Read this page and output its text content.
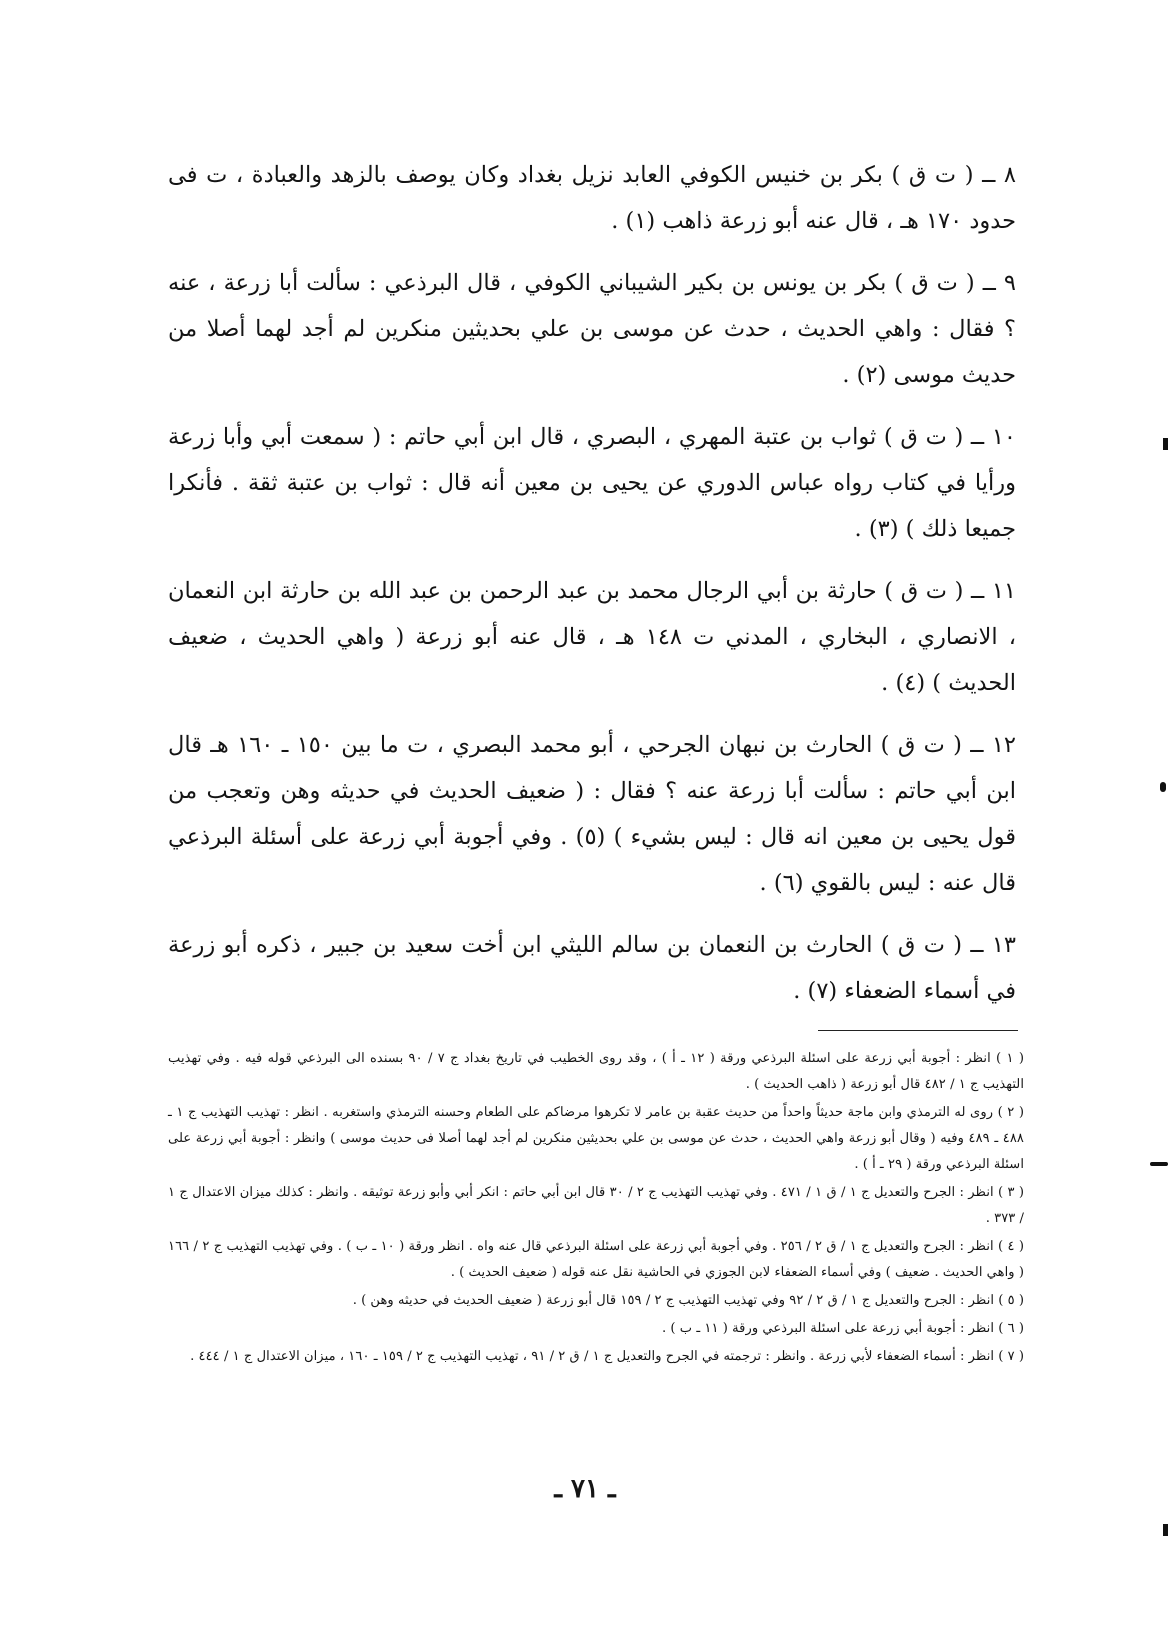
٨ ــ ( ت ق ) بكر بن خنيس الكوفي العابد نزيل بغداد وكان يوصف بالزهد والعبادة ، ت فى حدود ١٧٠ هـ ، قال عنه أبو زرعة ذاهب (١) .

٩ ــ ( ت ق ) بكر بن يونس بن بكير الشيباني الكوفي ، قال البرذعي : سألت أبا زرعة ، عنه ؟ فقال : واهي الحديث ، حدث عن موسى بن علي بحديثين منكرين لم أجد لهما أصلا من حديث موسى (٢) .

١٠ ــ ( ت ق ) ثواب بن عتبة المهري ، البصري ، قال ابن أبي حاتم : ( سمعت أبي وأبا زرعة ورأيا في كتاب رواه عباس الدوري عن يحيى بن معين أنه قال : ثواب بن عتبة ثقة . فأنكرا جميعا ذلك ) (٣) .

١١ ــ ( ت ق ) حارثة بن أبي الرجال محمد بن عبد الرحمن بن عبد الله بن حارثة ابن النعمان ، الانصاري ، البخاري ، المدني ت ١٤٨ هـ ، قال عنه أبو زرعة ( واهي الحديث ، ضعيف الحديث ) (٤) .

١٢ ــ ( ت ق ) الحارث بن نبهان الجرحي ، أبو محمد البصري ، ت ما بين ١٥٠ ـ ١٦٠ هـ قال ابن أبي حاتم : سألت أبا زرعة عنه ؟ فقال : ( ضعيف الحديث في حديثه وهن وتعجب من قول يحيى بن معين انه قال : ليس بشيء ) (٥) . وفي أجوبة أبي زرعة على أسئلة البرذعي قال عنه : ليس بالقوي (٦) .

١٣ ــ ( ت ق ) الحارث بن النعمان بن سالم الليثي ابن أخت سعيد بن جبير ، ذكره أبو زرعة في أسماء الضعفاء (٧) .

( ١ ) انظر : أجوبة أبي زرعة على اسئلة البرذعي ورقة ( ١٢ ـ أ ) ، وقد روى الخطيب في تاريخ بغداد ج ٧ / ٩٠ بسنده الى البرذعي قوله فيه . وفي تهذيب التهذيب ج ١ / ٤٨٢ قال أبو زرعة ( ذاهب الحديث ) .

( ٢ ) روى له الترمذي وابن ماجة حديثاً واحداً من حديث عقبة بن عامر لا تكرهوا مرضاكم على الطعام وحسنه الترمذي واستغربه . انظر : تهذيب التهذيب ج ١ ـ ٤٨٨ ـ ٤٨٩ وفيه ( وقال أبو زرعة واهي الحديث ، حدث عن موسى بن علي بحديثين منكرين لم أجد لهما أصلا فى حديث موسى ) وانظر : أجوبة أبي زرعة على اسئلة البرذعي ورقة ( ٢٩ ـ أ ) .

( ٣ ) انظر : الجرح والتعديل ج ١ / ق ١ / ٤٧١ . وفي تهذيب التهذيب ج ٢ / ٣٠ قال ابن أبي حاتم : انكر أبي وأبو زرعة توثيقه . وانظر : كذلك ميزان الاعتدال ج ١ / ٣٧٣ .

( ٤ ) انظر : الجرح والتعديل ج ١ / ق ٢ / ٢٥٦ . وفي أجوبة أبي زرعة على اسئلة البرذعي قال عنه واه . انظر ورقة ( ١٠ ـ ب ) . وفي تهذيب التهذيب ج ٢ / ١٦٦ ( واهي الحديث . ضعيف ) وفي أسماء الضعفاء لابن الجوزي في الحاشية نقل عنه قوله ( ضعيف الحديث ) .

( ٥ ) انظر : الجرح والتعديل ج ١ / ق ٢ / ٩٢ وفي تهذيب التهذيب ج ٢ / ١٥٩ قال أبو زرعة ( ضعيف الحديث في حديثه وهن ) .

( ٦ ) انظر : أجوبة أبي زرعة على اسئلة البرذعي ورقة ( ١١ ـ ب ) .

( ٧ ) انظر : أسماء الضعفاء لأبي زرعة . وانظر : ترجمته في الجرح والتعديل ج ١ / ق ٢ / ٩١ ، تهذيب التهذيب ج ٢ / ١٥٩ ـ ١٦٠ ، ميزان الاعتدال ج ١ / ٤٤٤ .

ـ ٧١ ـ
